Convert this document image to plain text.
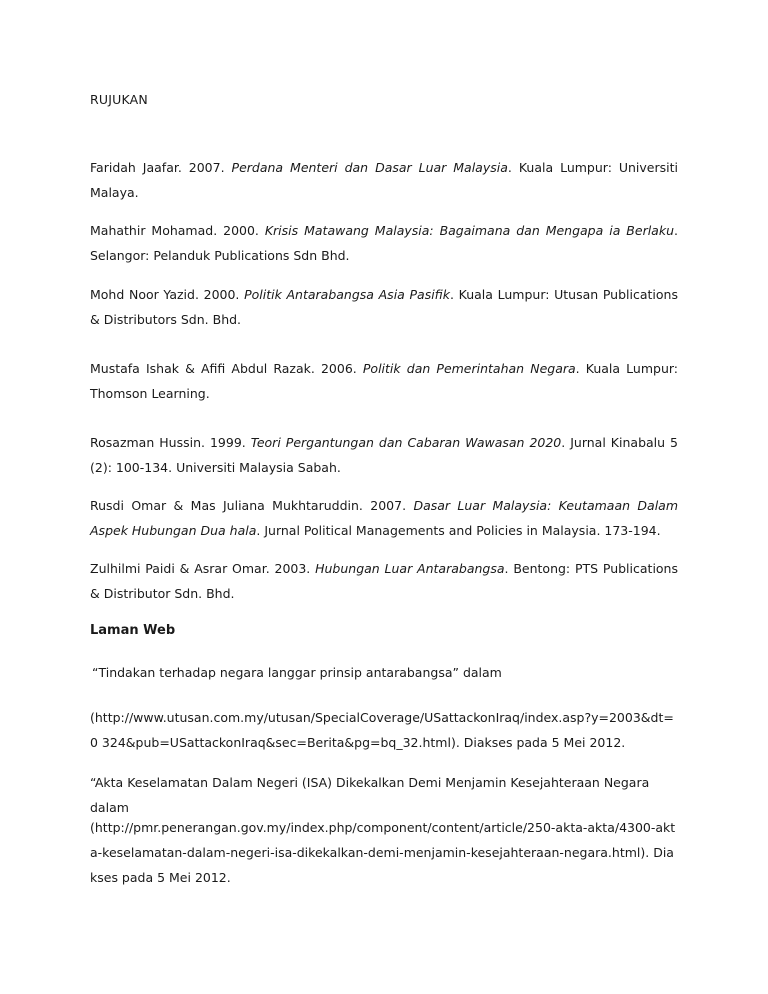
RUJUKAN
Faridah Jaafar. 2007. Perdana Menteri dan Dasar Luar Malaysia. Kuala Lumpur: Universiti Malaya.
Mahathir Mohamad. 2000. Krisis Matawang Malaysia: Bagaimana dan Mengapa ia Berlaku. Selangor: Pelanduk Publications Sdn Bhd.
Mohd Noor Yazid. 2000. Politik Antarabangsa Asia Pasifik. Kuala Lumpur: Utusan Publications & Distributors Sdn. Bhd.
Mustafa Ishak & Afifi Abdul Razak. 2006. Politik dan Pemerintahan Negara. Kuala Lumpur: Thomson Learning.
Rosazman Hussin. 1999. Teori Pergantungan dan Cabaran Wawasan 2020. Jurnal Kinabalu 5 (2): 100-134. Universiti Malaysia Sabah.
Rusdi Omar & Mas Juliana Mukhtaruddin. 2007. Dasar Luar Malaysia: Keutamaan Dalam Aspek Hubungan Dua hala. Jurnal Political Managements and Policies in Malaysia. 173-194.
Zulhilmi Paidi & Asrar Omar. 2003. Hubungan Luar Antarabangsa. Bentong: PTS Publications & Distributor Sdn. Bhd.
Laman Web
“Tindakan terhadap negara langgar prinsip antarabangsa” dalam
(http://www.utusan.com.my/utusan/SpecialCoverage/USattackonIraq/index.asp?y=2003&dt=0 324&pub=USattackonIraq&sec=Berita&pg=bq_32.html). Diakses pada 5 Mei 2012.
“Akta Keselamatan Dalam Negeri (ISA) Dikekalkan Demi Menjamin Kesejahteraan Negara dalam
(http://pmr.penerangan.gov.my/index.php/component/content/article/250-akta-akta/4300-akta-keselamatan-dalam-negeri-isa-dikekalkan-demi-menjamin-kesejahteraan-negara.html). Diakses pada 5 Mei 2012.
